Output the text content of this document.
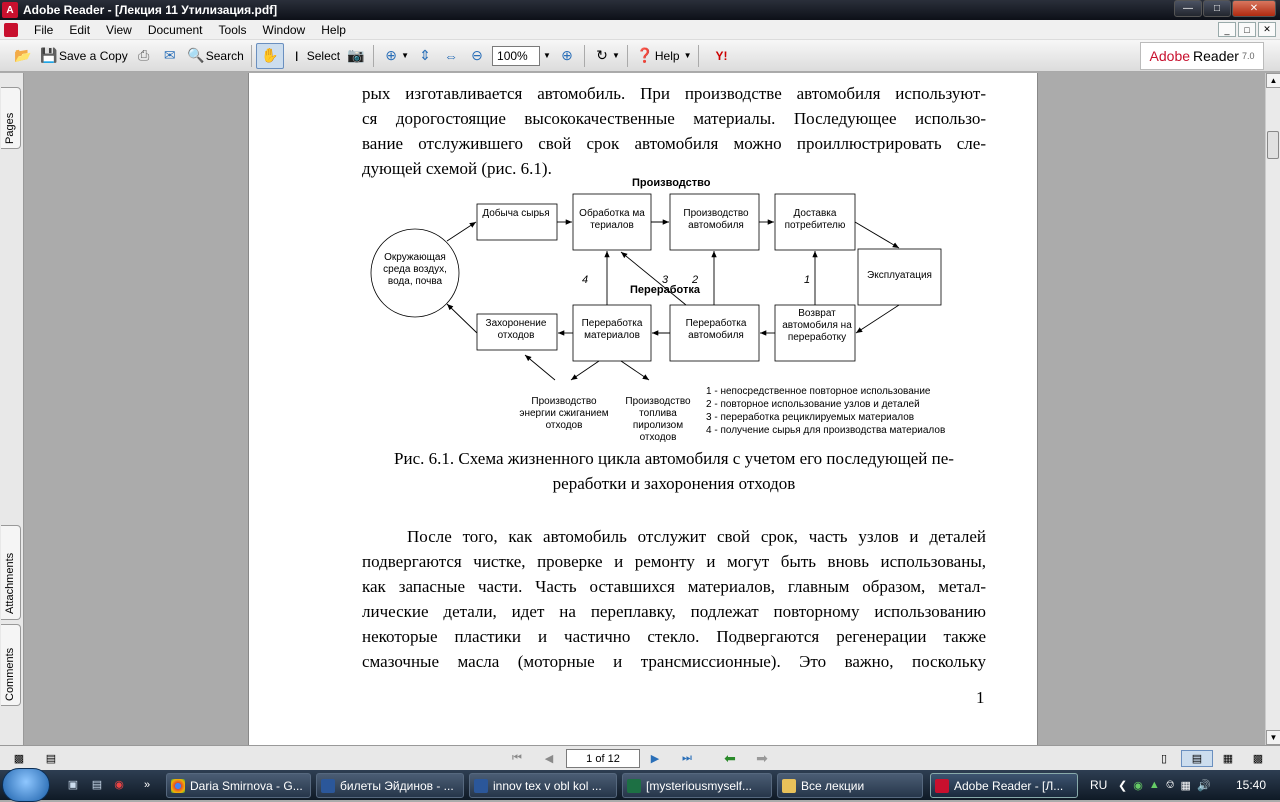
A Adobe Reader - [Лекция 11 Утилизация.pdf]	—	□	✕
File	Edit	View	Document	Tools	Window	Help	_	□	✕
📂 💾 Save a Copy ⎙	✉ 🔍 Search ✋	I Select 📷 ⊕ ▼ ⇕ ⇔ ⊖	100%	▼ ⊕ ↻ ▼ ❓ Help ▼	Y!	Adobe Reader 7.0
Pages
Attachments
Comments
рых изготавливается автомобиль. При производстве автомобиля используют-
ся дорогостоящие высококачественные материалы. Последующее использо-
вание отслужившего свой срок автомобиля можно проиллюстрировать сле-
дующей схемой (рис. 6.1).
Производство
Переработка
Добыча сырья	Обработка ма териалов
Производство автомобиля
Доставка потребителю
Эксплуатация
Возврат автомобиля на переработку
Переработка автомобиля
Переработка материалов
Захоронение отходов
Окружающая среда воздух, вода, почва
Производство энергии сжиганием отходов
Производство топлива пиролизом отходов
4	3 2	1
1 - непосредственное повторное использование
2 - повторное использование узлов и деталей
3 - переработка рециклируемых материалов
4 - получение сырья для производства материалов
Рис. 6.1. Схема жизненного цикла автомобиля с учетом его последующей пе-
реработки и захоронения отходов
После того, как автомобиль отслужит свой срок, часть узлов и деталей
подвергаются чистке, проверке и ремонту и могут быть вновь использованы,
как запасные части. Часть оставшихся материалов, главным образом, метал-
лические детали, идет на переплавку, подлежат повторному использованию
некоторые пластики и частично стекло. Подвергаются регенерации также
смазочные масла (моторные и трансмиссионные). Это важно, поскольку
1
▲
▼
▩	▤	⏮	◀	1 of 12	▶	⏭	⬅ ➡	▯	▤	▦	▩
▣	▤	◉	»	Daria Smirnova - G...	билеты Эйдинов - ...	innov tex v obl kol ...	[mysteriousmyself...	Все лекции	Adobe Reader - [Л... RU ❮ ◉ ▲ ⎊ ▦ 🔊 15:40
